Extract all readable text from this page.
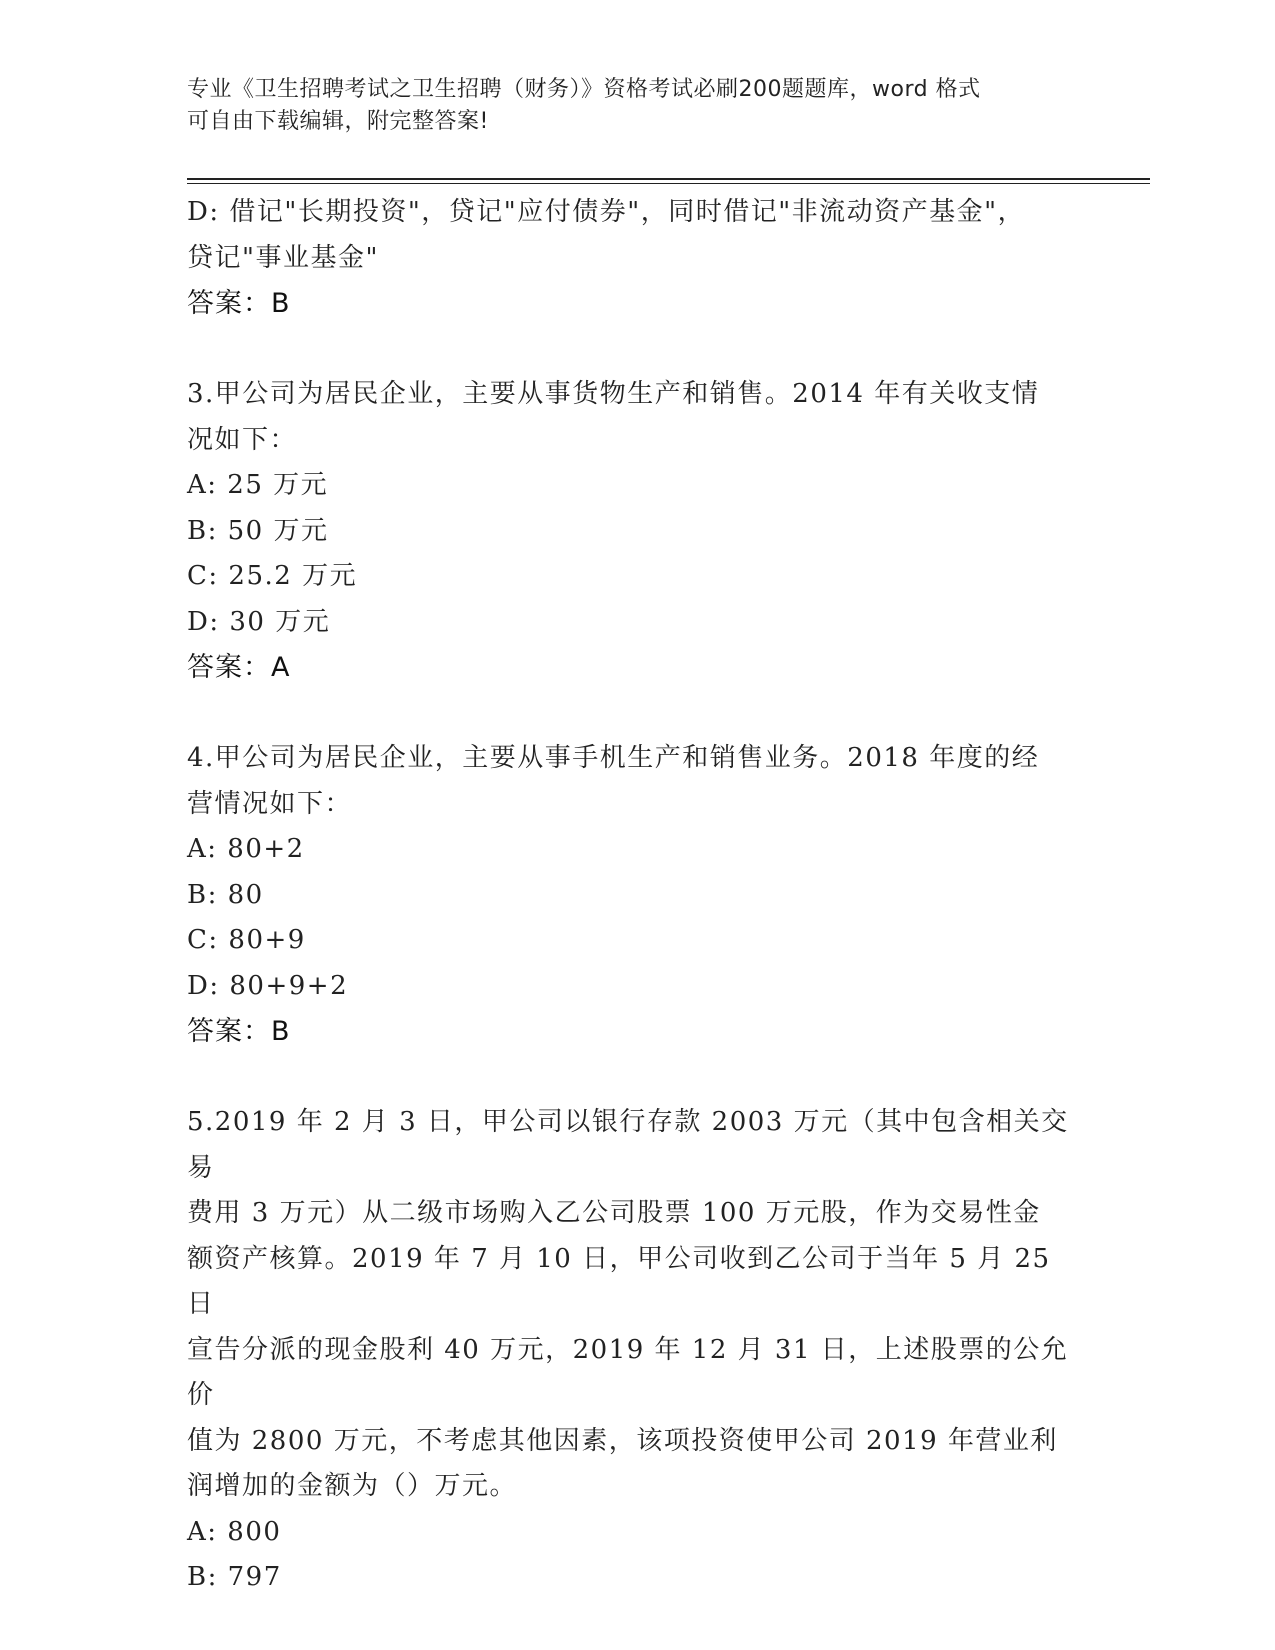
专业《卫生招聘考试之卫生招聘（财务）》资格考试必刷200题题库，word 格式
可自由下载编辑，附完整答案!
D: 借记"长期投资"，贷记"应付债券"，同时借记"非流动资产基金"，
贷记"事业基金"
答案：B
3.甲公司为居民企业，主要从事货物生产和销售。2014 年有关收支情
况如下：
A: 25 万元
B: 50 万元
C: 25.2 万元
D: 30 万元
答案：A
4.甲公司为居民企业，主要从事手机生产和销售业务。2018 年度的经
营情况如下：
A: 80+2
B: 80
C: 80+9
D: 80+9+2
答案：B
5.2019 年 2 月 3 日，甲公司以银行存款 2003 万元（其中包含相关交易
费用 3 万元）从二级市场购入乙公司股票 100 万元股，作为交易性金
额资产核算。2019 年 7 月 10 日，甲公司收到乙公司于当年 5 月 25 日
宣告分派的现金股利 40 万元，2019 年 12 月 31 日，上述股票的公允价
值为 2800 万元，不考虑其他因素，该项投资使甲公司 2019 年营业利
润增加的金额为（）万元。
A: 800
B: 797
